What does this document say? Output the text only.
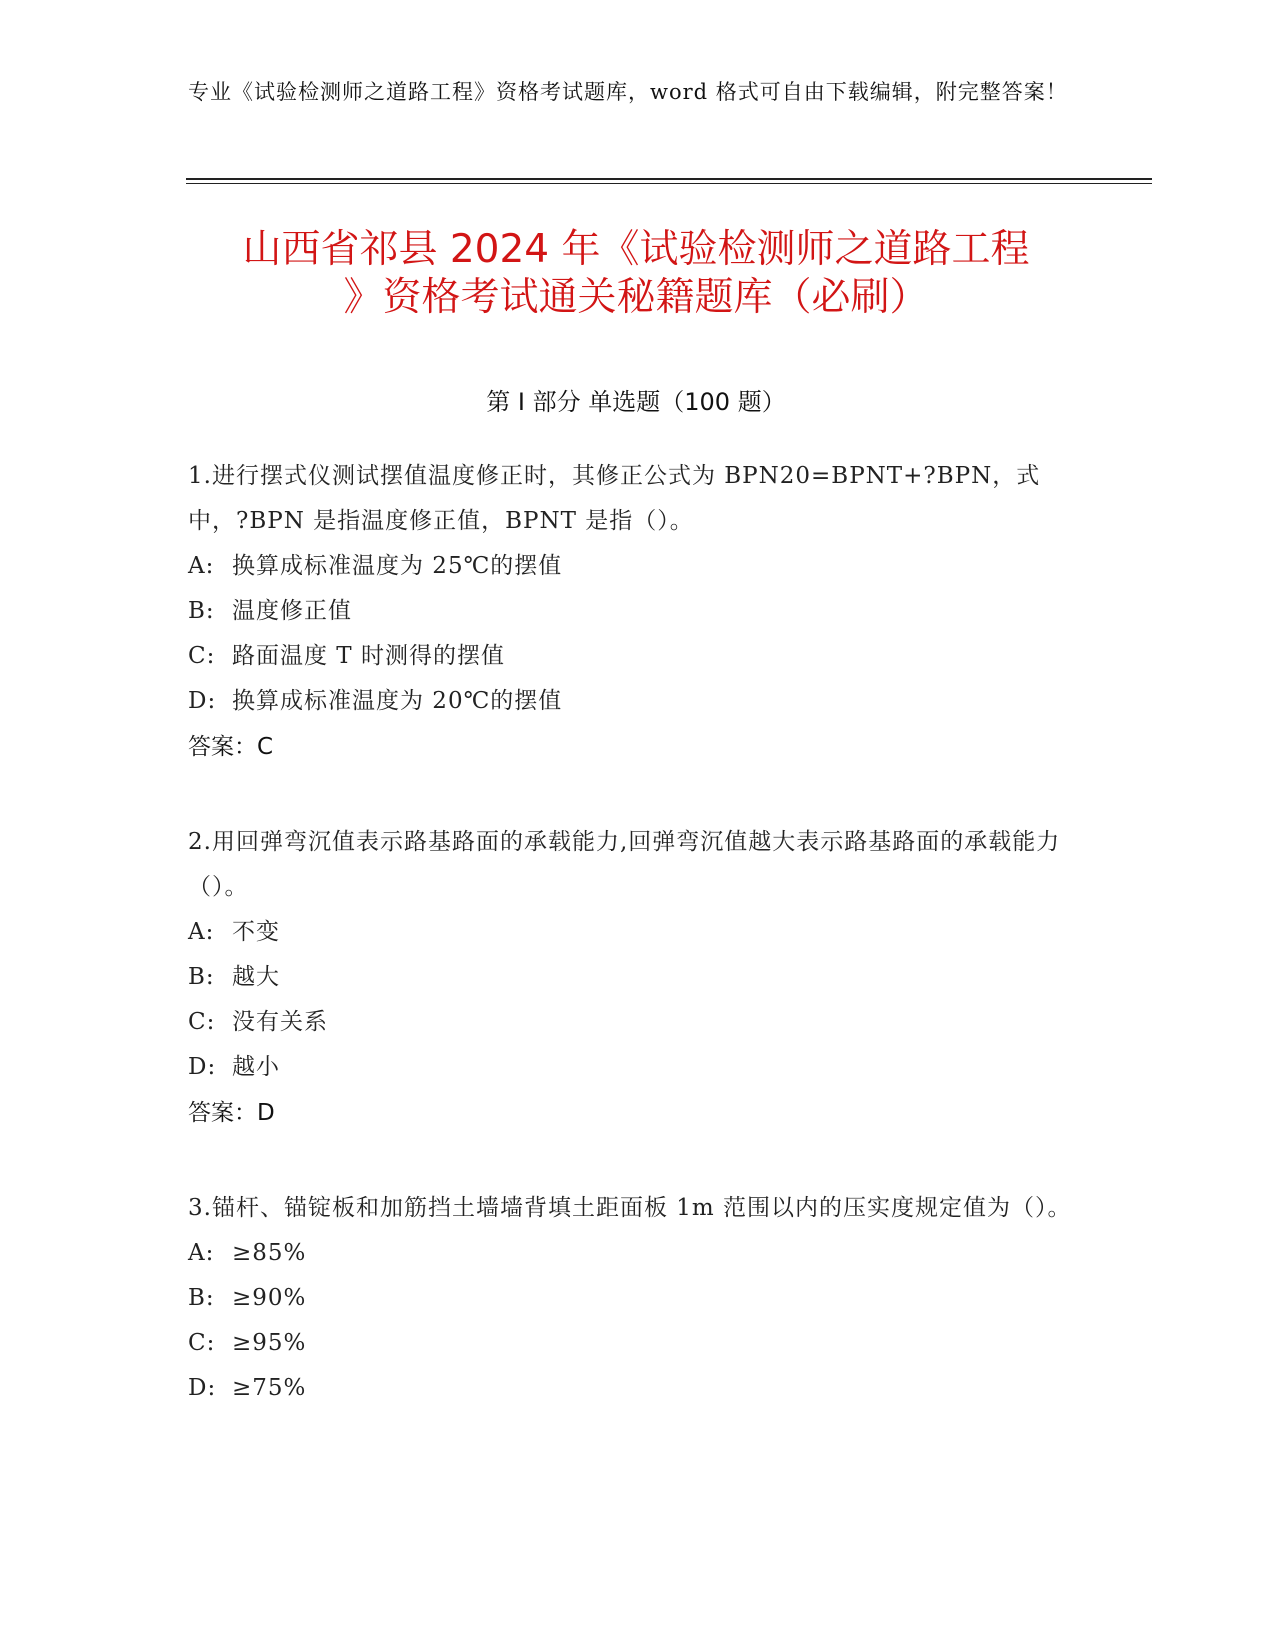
专业《试验检测师之道路工程》资格考试题库，word 格式可自由下载编辑，附完整答案！
山西省祁县 2024 年《试验检测师之道路工程
》资格考试通关秘籍题库（必刷）
第 I 部分 单选题（100 题）
1.进行摆式仪测试摆值温度修正时，其修正公式为 BPN20=BPNT+?BPN，式中，?BPN 是指温度修正值，BPNT 是指（）。
A: 换算成标准温度为 25℃的摆值
B: 温度修正值
C: 路面温度 T 时测得的摆值
D: 换算成标准温度为 20℃的摆值
答案：C
2.用回弹弯沉值表示路基路面的承载能力,回弹弯沉值越大表示路基路面的承载能力（）。
A: 不变
B: 越大
C: 没有关系
D: 越小
答案：D
3.锚杆、锚锭板和加筋挡土墙墙背填土距面板 1m 范围以内的压实度规定值为（）。
A: ≥85%
B: ≥90%
C: ≥95%
D: ≥75%
